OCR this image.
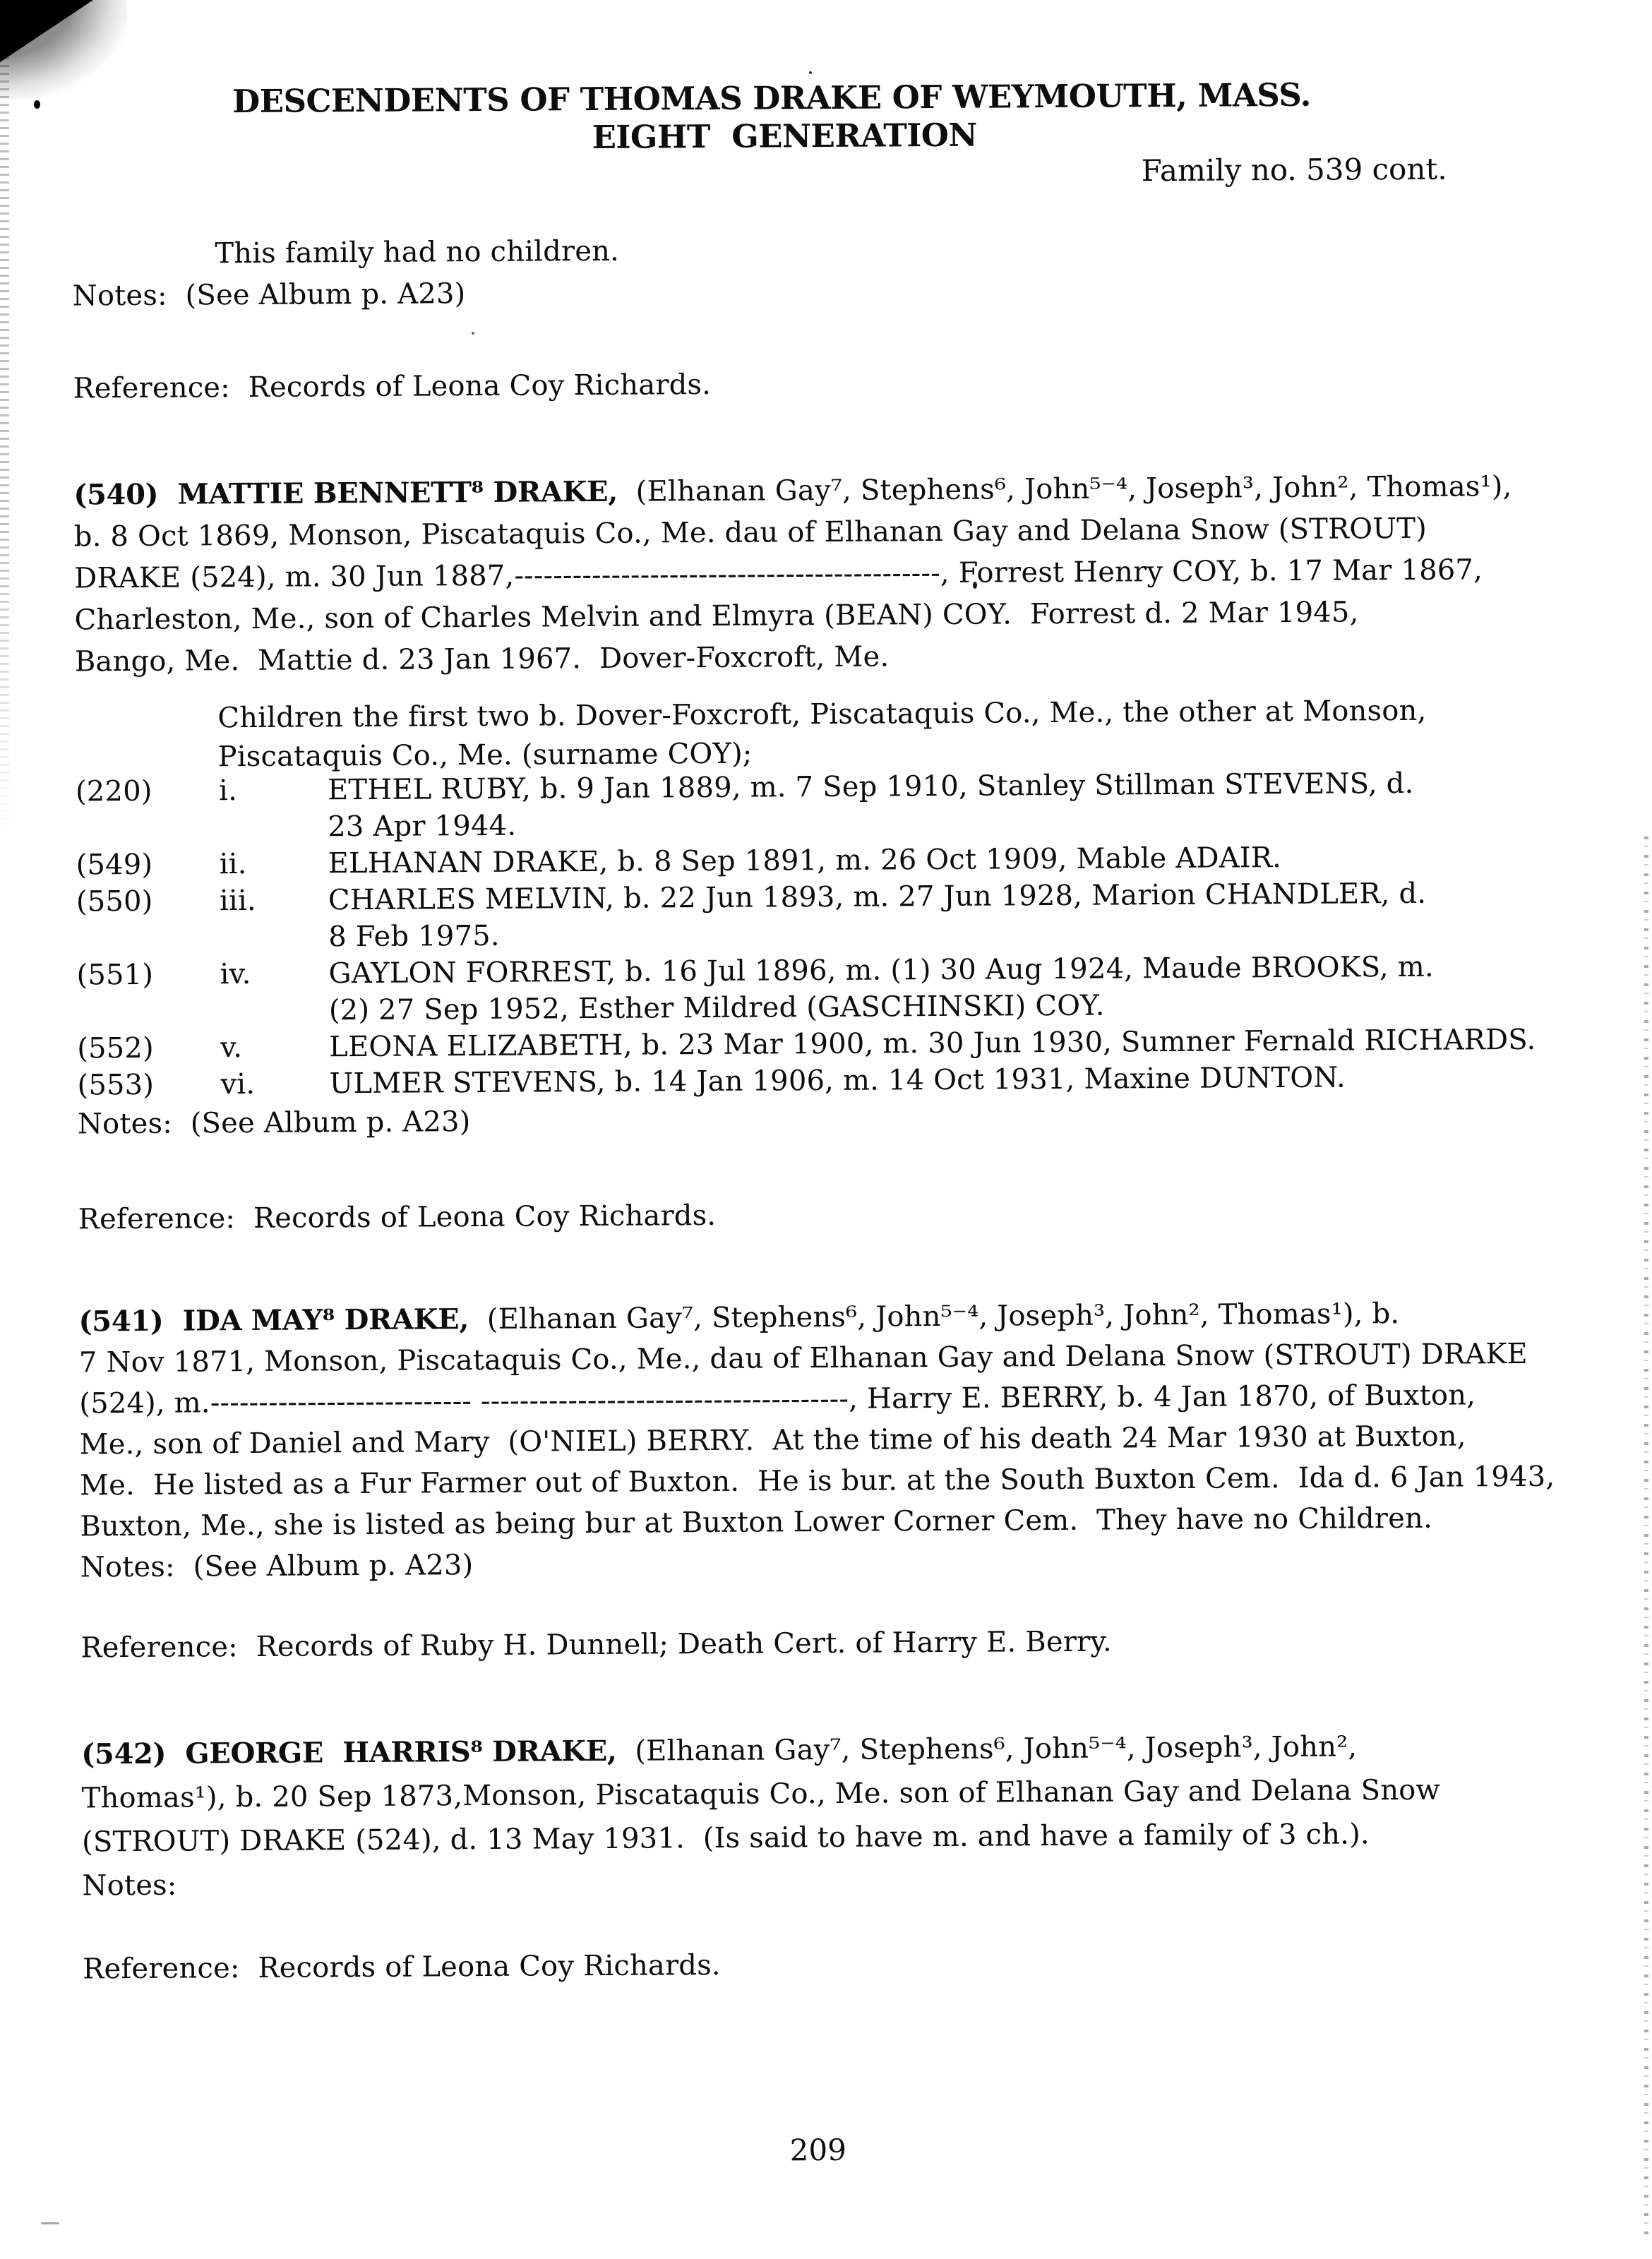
DESCENDENTS OF THOMAS DRAKE OF WEYMOUTH, MASS.
EIGHT  GENERATION
Family no. 539 cont.
This family had no children.
Notes:  (See Album p. A23)
Reference:  Records of Leona Coy Richards.
(540)  MATTIE BENNETT⁸ DRAKE,  (Elhanan Gay⁷, Stephens⁶, John⁵⁻⁴, Joseph³, John², Thomas¹),
b. 8 Oct 1869, Monson, Piscataquis Co., Me. dau of Elhanan Gay and Delana Snow (STROUT)
DRAKE (524), m. 30 Jun 1887,--------------------------------------------, Forrest Henry COY, b. 17 Mar 1867,
Charleston, Me., son of Charles Melvin and Elmyra (BEAN) COY.  Forrest d. 2 Mar 1945,
Bango, Me.  Mattie d. 23 Jan 1967.  Dover-Foxcroft, Me.
Children the first two b. Dover-Foxcroft, Piscataquis Co., Me., the other at Monson,
Piscataquis Co., Me. (surname COY);
(220)	i.	ETHEL RUBY, b. 9 Jan 1889, m. 7 Sep 1910, Stanley Stillman STEVENS, d.
23 Apr 1944.
(549)	ii.	ELHANAN DRAKE, b. 8 Sep 1891, m. 26 Oct 1909, Mable ADAIR.
(550)	iii.	CHARLES MELVIN, b. 22 Jun 1893, m. 27 Jun 1928, Marion CHANDLER, d.
8 Feb 1975.
(551)	iv.	GAYLON FORREST, b. 16 Jul 1896, m. (1) 30 Aug 1924, Maude BROOKS, m.
(2) 27 Sep 1952, Esther Mildred (GASCHINSKI) COY.
(552)	v.	LEONA ELIZABETH, b. 23 Mar 1900, m. 30 Jun 1930, Sumner Fernald RICHARDS.
(553)	vi.	ULMER STEVENS, b. 14 Jan 1906, m. 14 Oct 1931, Maxine DUNTON.
Notes:  (See Album p. A23)
Reference:  Records of Leona Coy Richards.
(541)  IDA MAY⁸ DRAKE,  (Elhanan Gay⁷, Stephens⁶, John⁵⁻⁴, Joseph³, John², Thomas¹), b.
7 Nov 1871, Monson, Piscataquis Co., Me., dau of Elhanan Gay and Delana Snow (STROUT) DRAKE
(524), m.--------------------------- --------------------------------------, Harry E. BERRY, b. 4 Jan 1870, of Buxton,
Me., son of Daniel and Mary  (O'NIEL) BERRY.  At the time of his death 24 Mar 1930 at Buxton,
Me.  He listed as a Fur Farmer out of Buxton.  He is bur. at the South Buxton Cem.  Ida d. 6 Jan 1943,
Buxton, Me., she is listed as being bur at Buxton Lower Corner Cem.  They have no Children.
Notes:  (See Album p. A23)
Reference:  Records of Ruby H. Dunnell; Death Cert. of Harry E. Berry.
(542)  GEORGE  HARRIS⁸ DRAKE,  (Elhanan Gay⁷, Stephens⁶, John⁵⁻⁴, Joseph³, John²,
Thomas¹), b. 20 Sep 1873,Monson, Piscataquis Co., Me. son of Elhanan Gay and Delana Snow
(STROUT) DRAKE (524), d. 13 May 1931.  (Is said to have m. and have a family of 3 ch.).
Notes:
Reference:  Records of Leona Coy Richards.
209
